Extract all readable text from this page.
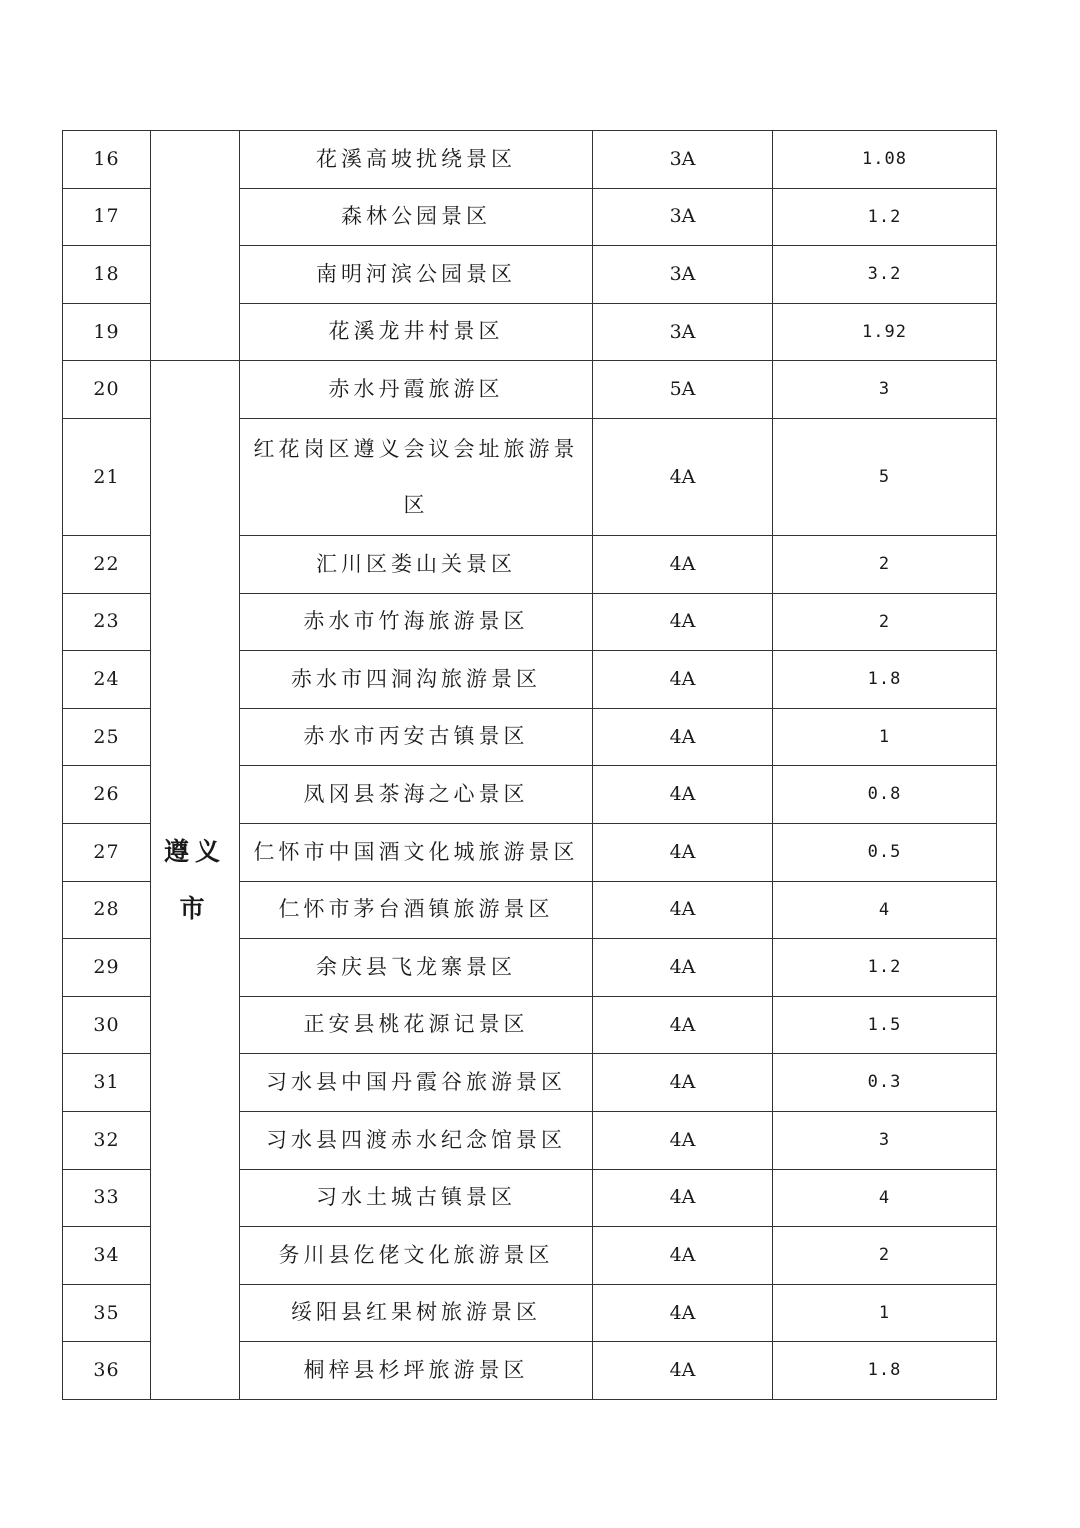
16		花溪高坡扰绕景区	3A	1.08
17		森林公园景区	3A	1.2
18		南明河滨公园景区	3A	3.2
19		花溪龙井村景区	3A	1.92
20	遵义市	赤水丹霞旅游区	5A	3
21		红花岗区遵义会议会址旅游景区	4A	5
22		汇川区娄山关景区	4A	2
23		赤水市竹海旅游景区	4A	2
24		赤水市四洞沟旅游景区	4A	1.8
25		赤水市丙安古镇景区	4A	1
26		凤冈县茶海之心景区	4A	0.8
27		仁怀市中国酒文化城旅游景区	4A	0.5
28		仁怀市茅台酒镇旅游景区	4A	4
29		余庆县飞龙寨景区	4A	1.2
30		正安县桃花源记景区	4A	1.5
31		习水县中国丹霞谷旅游景区	4A	0.3
32		习水县四渡赤水纪念馆景区	4A	3
33		习水土城古镇景区	4A	4
34		务川县仡佬文化旅游景区	4A	2
35		绥阳县红果树旅游景区	4A	1
36		桐梓县杉坪旅游景区	4A	1.8
